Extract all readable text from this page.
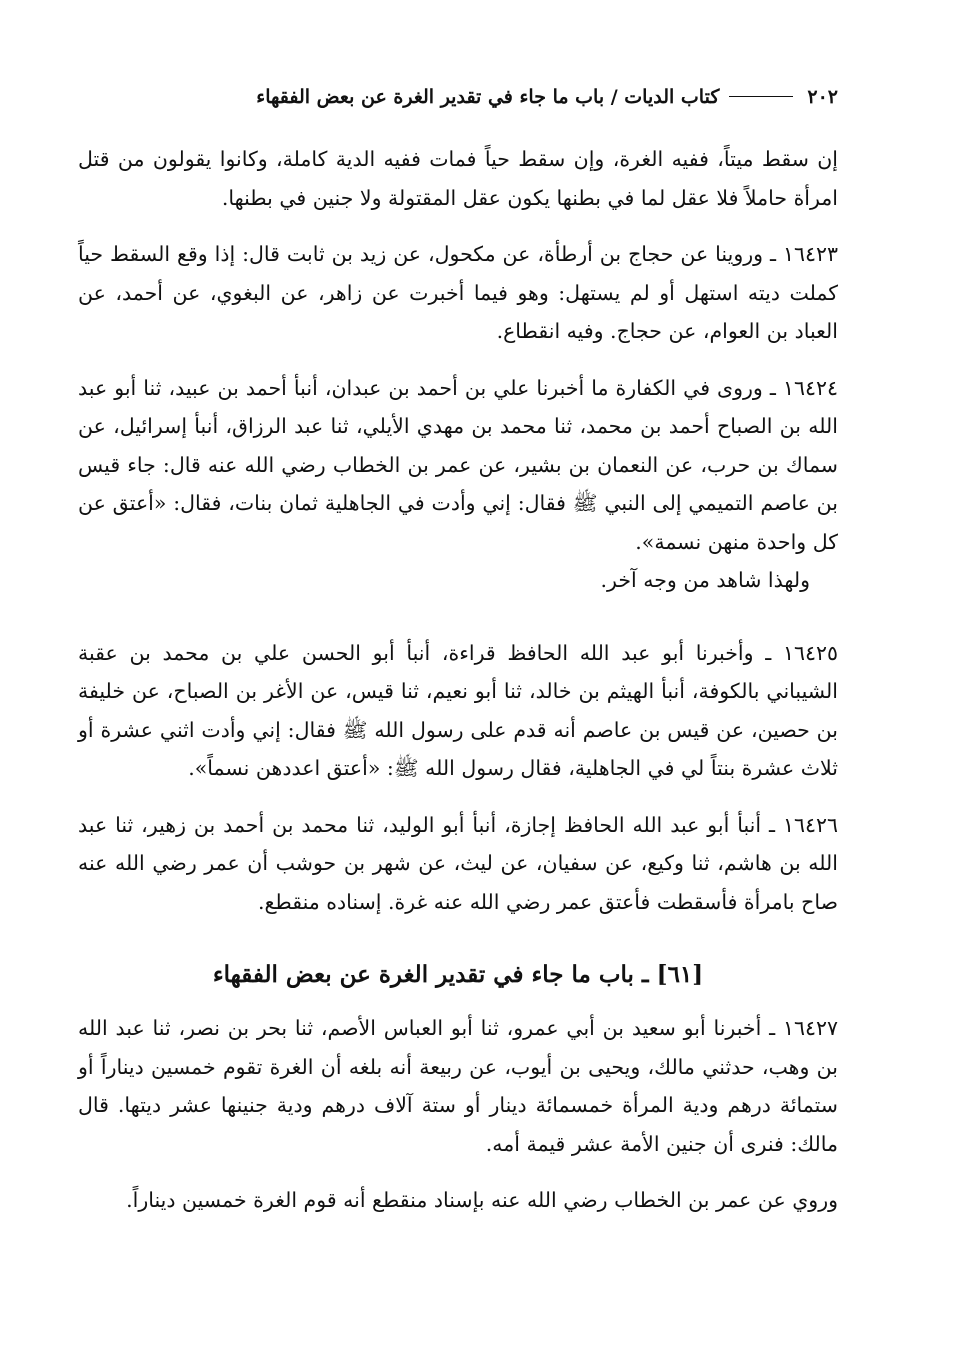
٢٠٢
كتاب الديات / باب ما جاء في تقدير الغرة عن بعض الفقهاء

إن سقط ميتاً، ففيه الغرة، وإن سقط حياً فمات ففيه الدية كاملة، وكانوا يقولون من قتل امرأة حاملاً فلا عقل لما في بطنها يكون عقل المقتولة ولا جنين في بطنها.

١٦٤٢٣ ـ وروينا عن حجاج بن أرطأة، عن مكحول، عن زيد بن ثابت قال: إذا وقع السقط حياً كملت ديته استهل أو لم يستهل: وهو فيما أخبرت عن زاهر، عن البغوي، عن أحمد، عن العباد بن العوام، عن حجاج. وفيه انقطاع.

١٦٤٢٤ ـ وروى في الكفارة ما أخبرنا علي بن أحمد بن عبدان، أنبأ أحمد بن عبيد، ثنا أبو عبد الله بن الصباح أحمد بن محمد، ثنا محمد بن مهدي الأيلي، ثنا عبد الرزاق، أنبأ إسرائيل، عن سماك بن حرب، عن النعمان بن بشير، عن عمر بن الخطاب رضي الله عنه قال: جاء قيس بن عاصم التميمي إلى النبي ﷺ فقال: إني وأدت في الجاهلية ثمان بنات، فقال: «أعتق عن كل واحدة منهن نسمة».

ولهذا شاهد من وجه آخر.

١٦٤٢٥ ـ وأخبرنا أبو عبد الله الحافظ قراءة، أنبأ أبو الحسن علي بن محمد بن عقبة الشيباني بالكوفة، أنبأ الهيثم بن خالد، ثنا أبو نعيم، ثنا قيس، عن الأغر بن الصباح، عن خليفة بن حصين، عن قيس بن عاصم أنه قدم على رسول الله ﷺ فقال: إني وأدت اثني عشرة أو ثلاث عشرة بنتاً لي في الجاهلية، فقال رسول الله ﷺ: «أعتق اعددهن نسماً».

١٦٤٢٦ ـ أنبأ أبو عبد الله الحافظ إجازة، أنبأ أبو الوليد، ثنا محمد بن أحمد بن زهير، ثنا عبد الله بن هاشم، ثنا وكيع، عن سفيان، عن ليث، عن شهر بن حوشب أن عمر رضي الله عنه صاح بامرأة فأسقطت فأعتق عمر رضي الله عنه غرة. إسناده منقطع.

[٦١] ـ باب ما جاء في تقدير الغرة عن بعض الفقهاء

١٦٤٢٧ ـ أخبرنا أبو سعيد بن أبي عمرو، ثنا أبو العباس الأصم، ثنا بحر بن نصر، ثنا عبد الله بن وهب، حدثني مالك، ويحيى بن أيوب، عن ربيعة أنه بلغه أن الغرة تقوم خمسين ديناراً أو ستمائة درهم ودية المرأة خمسمائة دينار أو ستة آلاف درهم ودية جنينها عشر ديتها. قال مالك: فنرى أن جنين الأمة عشر قيمة أمه.

وروي عن عمر بن الخطاب رضي الله عنه بإسناد منقطع أنه قوم الغرة خمسين ديناراً.
